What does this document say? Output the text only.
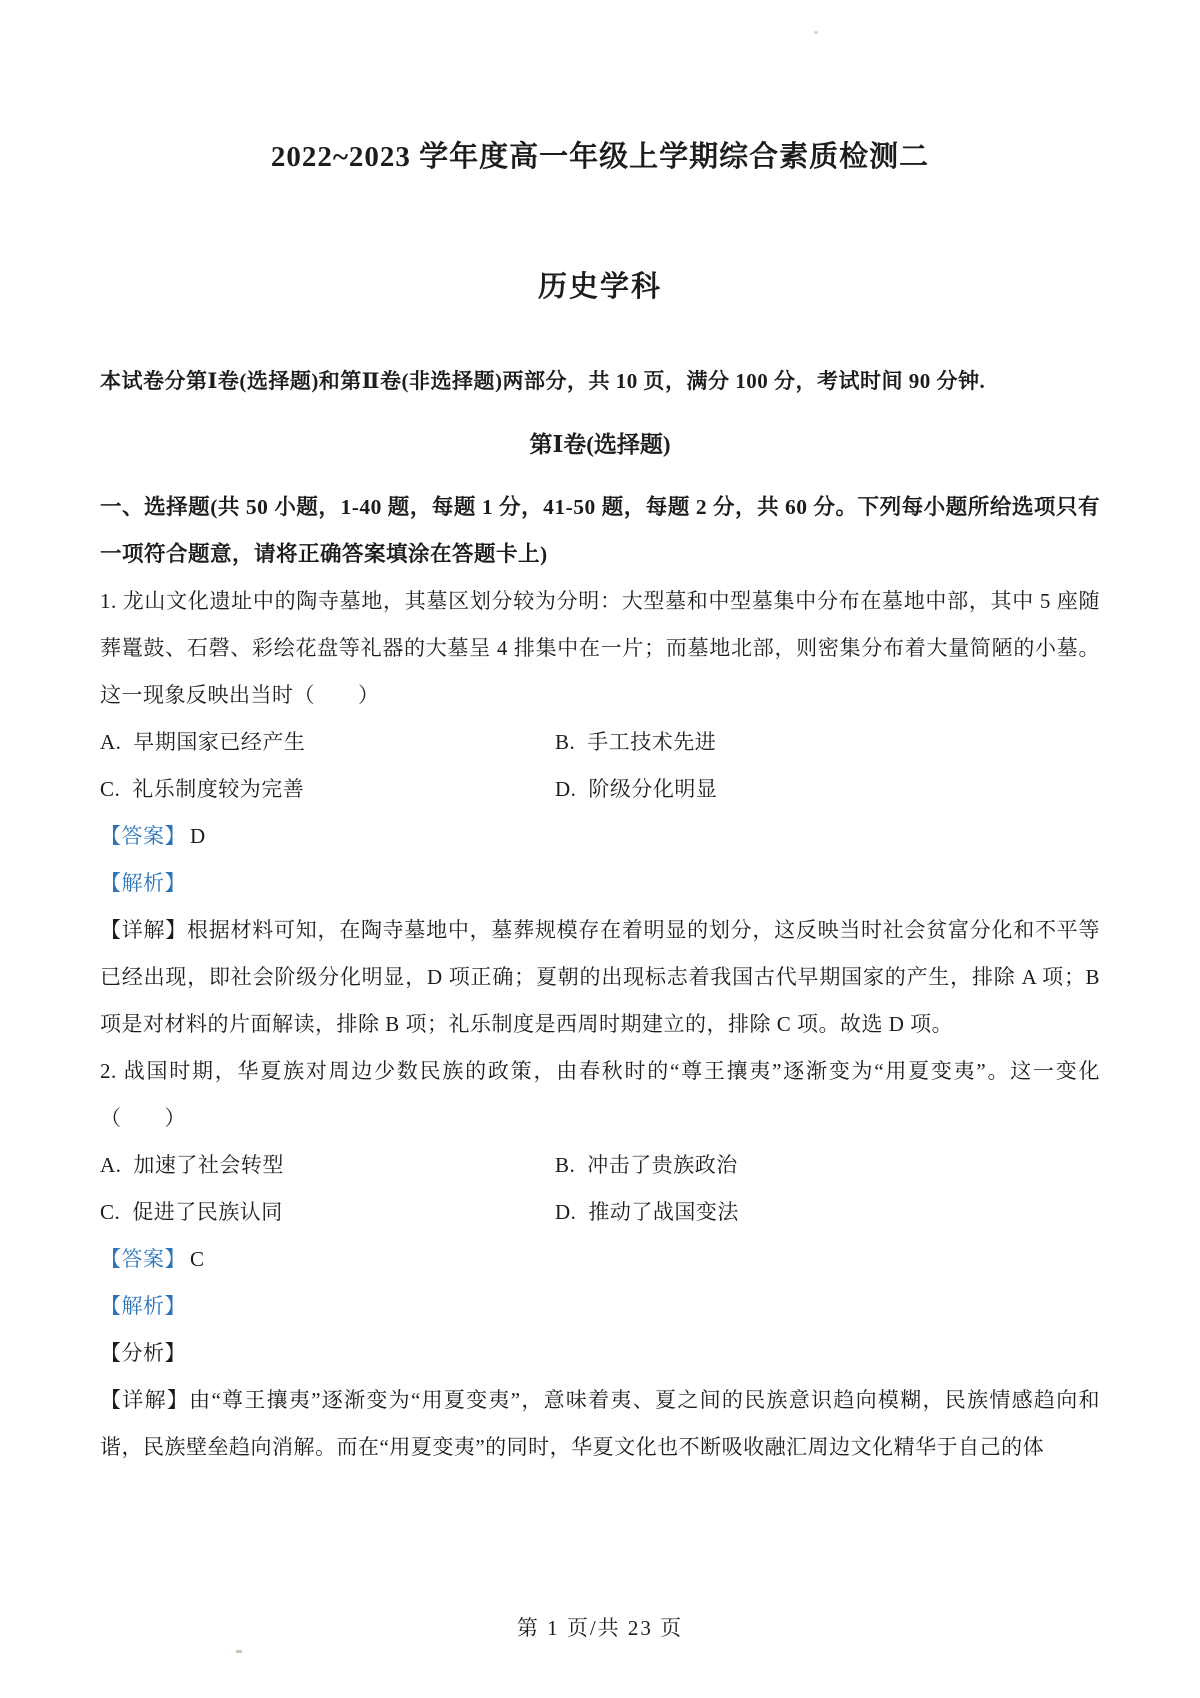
2022~2023 学年度高一年级上学期综合素质检测二
历史学科

本试卷分第Ⅰ卷(选择题)和第Ⅱ卷(非选择题)两部分，共 10 页，满分 100 分，考试时间 90 分钟.

第Ⅰ卷(选择题)

一、选择题(共 50 小题，1-40 题，每题 1 分，41-50 题，每题 2 分，共 60 分。下列每小题所给选项只有一项符合题意，请将正确答案填涂在答题卡上)

1. 龙山文化遗址中的陶寺墓地，其墓区划分较为分明：大型墓和中型墓集中分布在墓地中部，其中 5 座随葬鼍鼓、石磬、彩绘花盘等礼器的大墓呈 4 排集中在一片；而墓地北部，则密集分布着大量简陋的小墓。这一现象反映出当时（　　）

A. 早期国家已经产生	B. 手工技术先进
C. 礼乐制度较为完善	D. 阶级分化明显

【答案】 D

【解析】

【详解】根据材料可知，在陶寺墓地中，墓葬规模存在着明显的划分，这反映当时社会贫富分化和不平等已经出现，即社会阶级分化明显，D 项正确；夏朝的出现标志着我国古代早期国家的产生，排除 A 项；B 项是对材料的片面解读，排除 B 项；礼乐制度是西周时期建立的，排除 C 项。故选 D 项。

2. 战国时期，华夏族对周边少数民族的政策，由春秋时的“尊王攘夷”逐渐变为“用夏变夷”。这一变化（　　）

A. 加速了社会转型	B. 冲击了贵族政治
C. 促进了民族认同	D. 推动了战国变法

【答案】 C

【解析】

【分析】

【详解】由“尊王攘夷”逐渐变为“用夏变夷”，意味着夷、夏之间的民族意识趋向模糊，民族情感趋向和谐，民族壁垒趋向消解。而在“用夏变夷”的同时，华夏文化也不断吸收融汇周边文化精华于自己的体

第 1 页/共 23 页
